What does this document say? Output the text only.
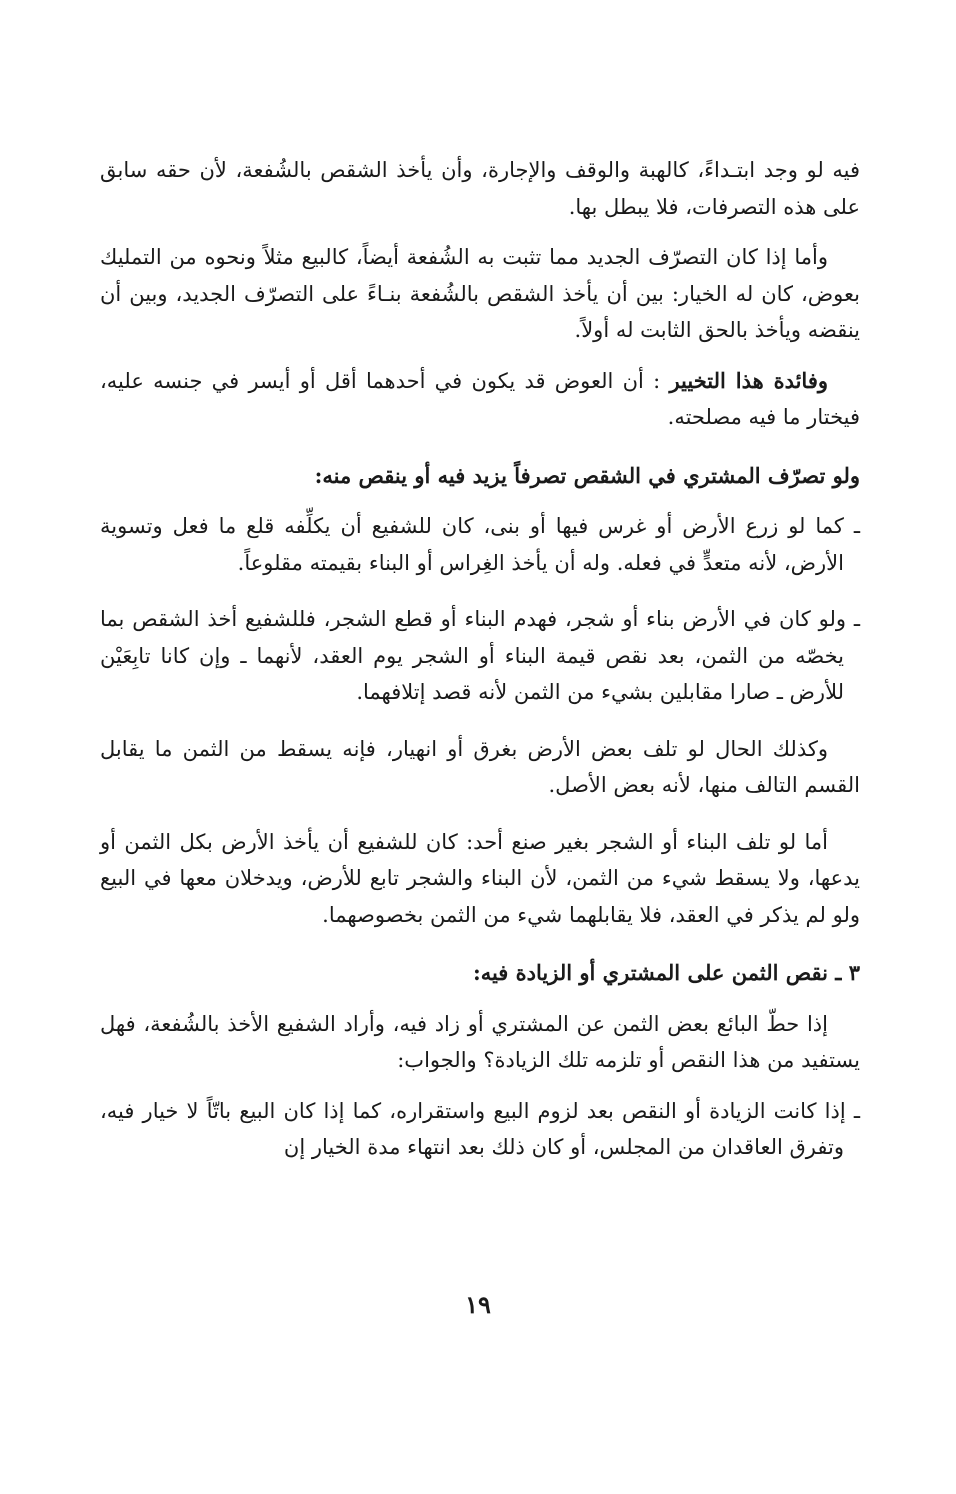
فيه لو وجد ابتـداءً، كالهبة والوقف والإجارة، وأن يأخذ الشقص بالشُفعة، لأن حقه سابق على هذه التصرفات، فلا يبطل بها.

وأما إذا كان التصرّف الجديد مما تثبت به الشُفعة أيضاً، كالبيع مثلاً ونحوه من التمليك بعوض، كان له الخيار: بين أن يأخذ الشقص بالشُفعة بنـاءً على التصرّف الجديد، وبين أن ينقضه ويأخذ بالحق الثابت له أولاً.

وفائدة هذا التخيير : أن العوض قد يكون في أحدهما أقل أو أيسر في جنسه عليه، فيختار ما فيه مصلحته.

ولو تصرّف المشتري في الشقص تصرفاً يزيد فيه أو ينقص منه:

ـ كما لو زرع الأرض أو غرس فيها أو بنى، كان للشفيع أن يكلِّفه قلع ما فعل وتسوية الأرض، لأنه متعدٍّ في فعله. وله أن يأخذ الغِراس أو البناء بقيمته مقلوعاً.

ـ ولو كان في الأرض بناء أو شجر، فهدم البناء أو قطع الشجر، فللشفيع أخذ الشقص بما يخصّه من الثمن، بعد نقص قيمة البناء أو الشجر يوم العقد، لأنهما ـ وإن كانا تابِعَيْن للأرض ـ صارا مقابلين بشيء من الثمن لأنه قصد إتلافهما.

وكذلك الحال لو تلف بعض الأرض بغرق أو انهيار، فإنه يسقط من الثمن ما يقابل القسم التالف منها، لأنه بعض الأصل.

أما لو تلف البناء أو الشجر بغير صنع أحد: كان للشفيع أن يأخذ الأرض بكل الثمن أو يدعها، ولا يسقط شيء من الثمن، لأن البناء والشجر تابع للأرض، ويدخلان معها في البيع ولو لم يذكر في العقد، فلا يقابلهما شيء من الثمن بخصوصهما.

٣ ـ نقص الثمن على المشتري أو الزيادة فيه:

إذا حطّ البائع بعض الثمن عن المشتري أو زاد فيه، وأراد الشفيع الأخذ بالشُفعة، فهل يستفيد من هذا النقص أو تلزمه تلك الزيادة؟ والجواب:

ـ إذا كانت الزيادة أو النقص بعد لزوم البيع واستقراره، كما إذا كان البيع باتّاً لا خيار فيه، وتفرق العاقدان من المجلس، أو كان ذلك بعد انتهاء مدة الخيار إن

١٩
